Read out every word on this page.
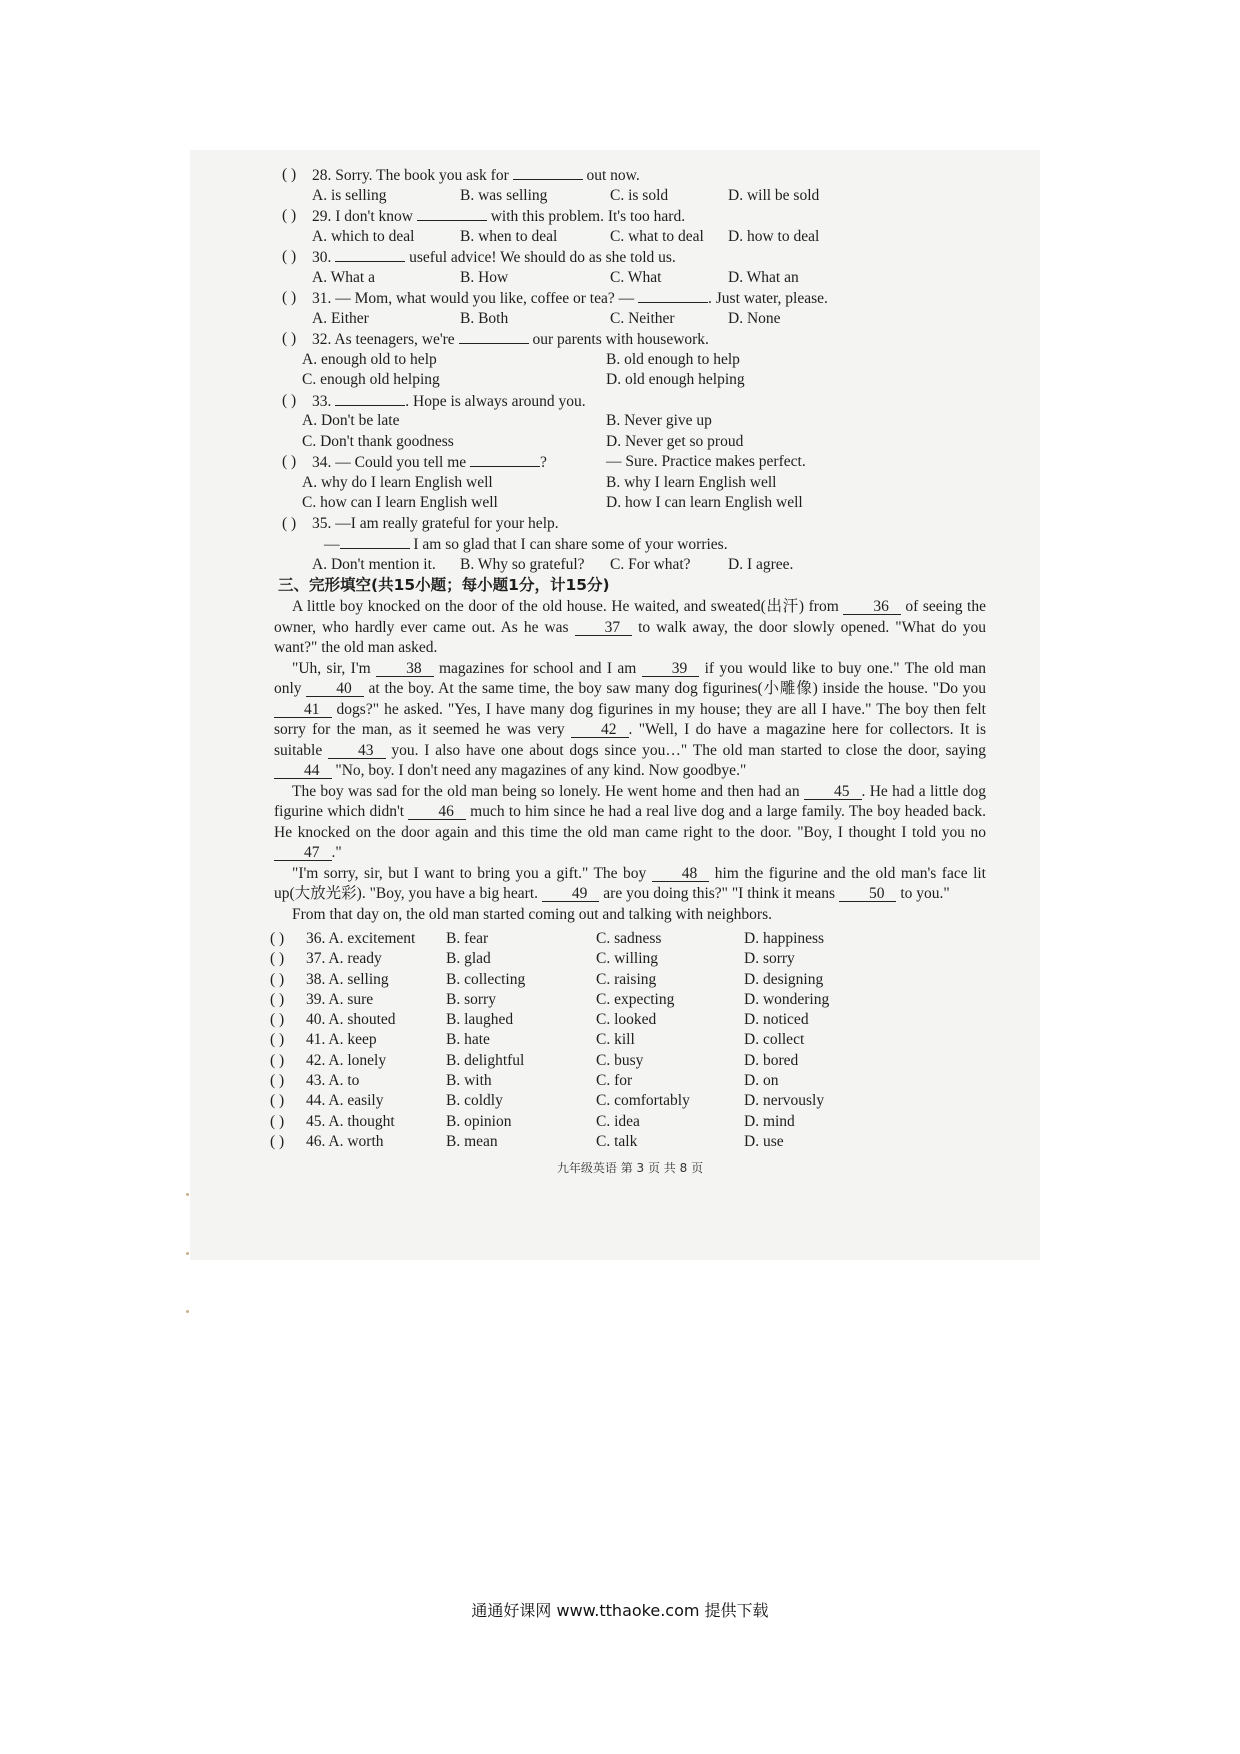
( ) 28. Sorry. The book you ask for	out now.
A. is selling	B. was selling	C. is sold	D. will be sold
( ) 29. I don't know	with this problem. It's too hard.
A. which to deal	B. when to deal	C. what to deal D. how to deal
( ) 30.	useful advice! We should do as she told us.
A. What a	B. How	C. What	D. What an
( ) 31. — Mom, what would you like, coffee or tea? —	. Just water, please.
A. Either	B. Both	C. Neither	D. None
( ) 32. As teenagers, we're	our parents with housework.
A. enough old to help	B. old enough to help
C. enough old helping	D. old enough helping
( ) 33.	. Hope is always around you.
A. Don't be late	B. Never give up
C. Don't thank goodness	D. Never get so proud
( ) 34. — Could you tell me	?	— Sure. Practice makes perfect.
A. why do I learn English well	B. why I learn English well
C. how can I learn English well	D. how I can learn English well
( ) 35. —I am really grateful for your help.
—	I am so glad that I can share some of your worries.
A. Don't mention it. B. Why so grateful? C. For what? D. I agree.
三、完形填空(共15小题；每小题1分，计15分)
A little boy knocked on the door of the old house. He waited, and sweated(出汗) from 36 of seeing the owner, who hardly ever came out. As he was 37 to walk away, the door slowly opened. "What do you want?" the old man asked.
"Uh, sir, I'm 38 magazines for school and I am 39 if you would like to buy one." The old man only 40 at the boy. At the same time, the boy saw many dog figurines(小雕像) inside the house. "Do you 41 dogs?" he asked. "Yes, I have many dog figurines in my house; they are all I have." The boy then felt sorry for the man, as it seemed he was very 42 . "Well, I do have a magazine here for collectors. It is suitable 43 you. I also have one about dogs since you…" The old man started to close the door, saying 44 "No, boy. I don't need any magazines of any kind. Now goodbye."
The boy was sad for the old man being so lonely. He went home and then had an 45 . He had a little dog figurine which didn't 46 much to him since he had a real live dog and a large family. The boy headed back. He knocked on the door again and this time the old man came right to the door. "Boy, I thought I told you no 47 ."
"I'm sorry, sir, but I want to bring you a gift." The boy 48 him the figurine and the old man's face lit up(大放光彩). "Boy, you have a big heart. 49 are you doing this?" "I think it means 50 to you."
From that day on, the old man started coming out and talking with neighbors.
( ) 36. A. excitement B. fear	C. sadness	D. happiness
( ) 37. A. ready	B. glad	C. willing	D. sorry
( ) 38. A. selling	B. collecting	C. raising	D. designing
( ) 39. A. sure	B. sorry	C. expecting	D. wondering
( ) 40. A. shouted	B. laughed	C. looked	D. noticed
( ) 41. A. keep	B. hate	C. kill	D. collect
( ) 42. A. lonely	B. delightful	C. busy	D. bored
( ) 43. A. to	B. with	C. for	D. on
( ) 44. A. easily	B. coldly	C. comfortably	D. nervously
( ) 45. A. thought	B. opinion	C. idea	D. mind
( ) 46. A. worth	B. mean	C. talk	D. use
九年级英语 第 3 页 共 8 页
通通好课网 www.tthaoke.com 提供下载
